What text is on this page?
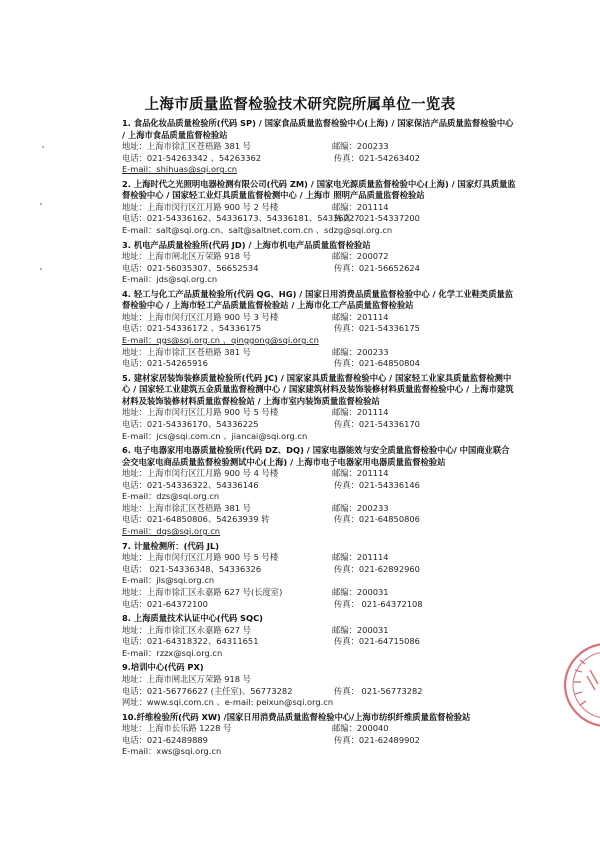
上海市质量监督检验技术研究院所属单位一览表
1. 食品化妆品质量检验所(代码 SP) / 国家食品质量监督检验中心(上海) / 国家保洁产品质量监督检验中心 / 上海市食品质量监督检验站
地址：上海市徐汇区苍梧路 381 号	邮编：200233
电话：021-54263342 、54263362	传真：021-54263402
E-mail：shihuas@sqi.org.cn
2. 上海时代之光照明电器检测有限公司(代码 ZM) / 国家电光源质量监督检验中心(上海) / 国家灯具质量监督检验中心 / 国家轻工业灯具质量监督检测中心 / 上海市 照明产品质量监督检验站
地址：上海市闵行区江月路 900 号 2 号楼	邮编：201114
电话：021-54336162、54336173、54336181、54336227
传真：021-54337200
E-mail：salt@sqi.org.cn、salt@saltnet.com.cn 、sdzg@sqi.org.cn
3. 机电产品质量检验所(代码 JD) / 上海市机电产品质量监督检验站
地址：上海市闸北区万荣路 918 号	邮编：200072
电话：021-56035307、56652534	传真：021-56652624
E-mail：jds@sqi.org.cn
4. 轻工与化工产品质量检验所(代码 QG、HG) / 国家日用消费品质量监督检验中心 / 化学工业鞋类质量监督检验中心 / 上海市轻工产品质量监督检验站 / 上海市化工产品质量监督检验站
地址：上海市闵行区江月路 900 号 3 号楼	邮编：201114
电话：021-54336172 、54336175	传真：021-54336175
E-mail：qgs@sqi.org.cn 、qinggong@sqi.org.cn
地址：上海市徐汇区苍梧路 381 号	邮编：200233
电话：021-54265916	传真：021-64850804
5. 建材家居装饰装修质量检验所(代码 JC) / 国家家具质量监督检验中心 / 国家轻工业家具质量监督检测中心 / 国家轻工业建筑五金质量监督检测中心 / 国家建筑材料及装饰装修材料质量监督检验中心 / 上海市建筑材料及装饰装修材料质量监督检验站 / 上海市室内装饰质量监督检验站
地址：上海市闵行区江月路 900 号 5 号楼	邮编：201114
电话：021-54336170、54336225	传真：021-54336170
E-mail：jcs@sqi.com.cn 、jiancai@sqi.org.cn
6. 电子电器家用电器质量检验所(代码 DZ、DQ) / 国家电器能效与安全质量监督检验中心/ 中国商业联合会交电家电商品质量监督检验测试中心(上海) / 上海市电子电器家用电器质量监督检验站
地址：上海市闵行区江月路 900 号 4 号楼	邮编：201114
电话：021-54336322、54336146	传真：021-54336146
E-mail：dzs@sqi.org.cn
地址：上海市徐汇区苍梧路 381 号	邮编：200233
电话：021-64850806、54263939 转	传真：021-64850806
E-mail：dqs@sqi.org.cn
7. 计量检测所：(代码 JL)
地址：上海市闵行区江月路 900 号 5 号楼	邮编：201114
电话： 021-54336348、54336326	传真：021-62892960
E-mail：jls@sqi.org.cn
地址：上海市徐汇区永嘉路 627 号(长度室)	邮编：200031
电话：021-64372100	传真： 021-64372108
8. 上海质量技术认证中心(代码 SQC)
地址：上海市徐汇区永嘉路 627 号	邮编：200031
电话：021-64318322、64311651	传真：021-64715086
E-mail：rzzx@sqi.org.cn
9.培训中心(代码 PX)
地址：上海市闸北区万荣路 918 号
电话：021-56776627 (主任室)、56773282	传真： 021-56773282
网址：www.sqi.com.cn 、e-mail: peixun@sqi.org.cn
10.纤维检验所(代码 XW) /国家日用消费品质量监督检验中心/上海市纺织纤维质量监督检验站
地址：上海市长乐路 1228 号	邮编：200040
电话：021-62489889	传真：021-62489902
E-mail：xws@sqi.org.cn
